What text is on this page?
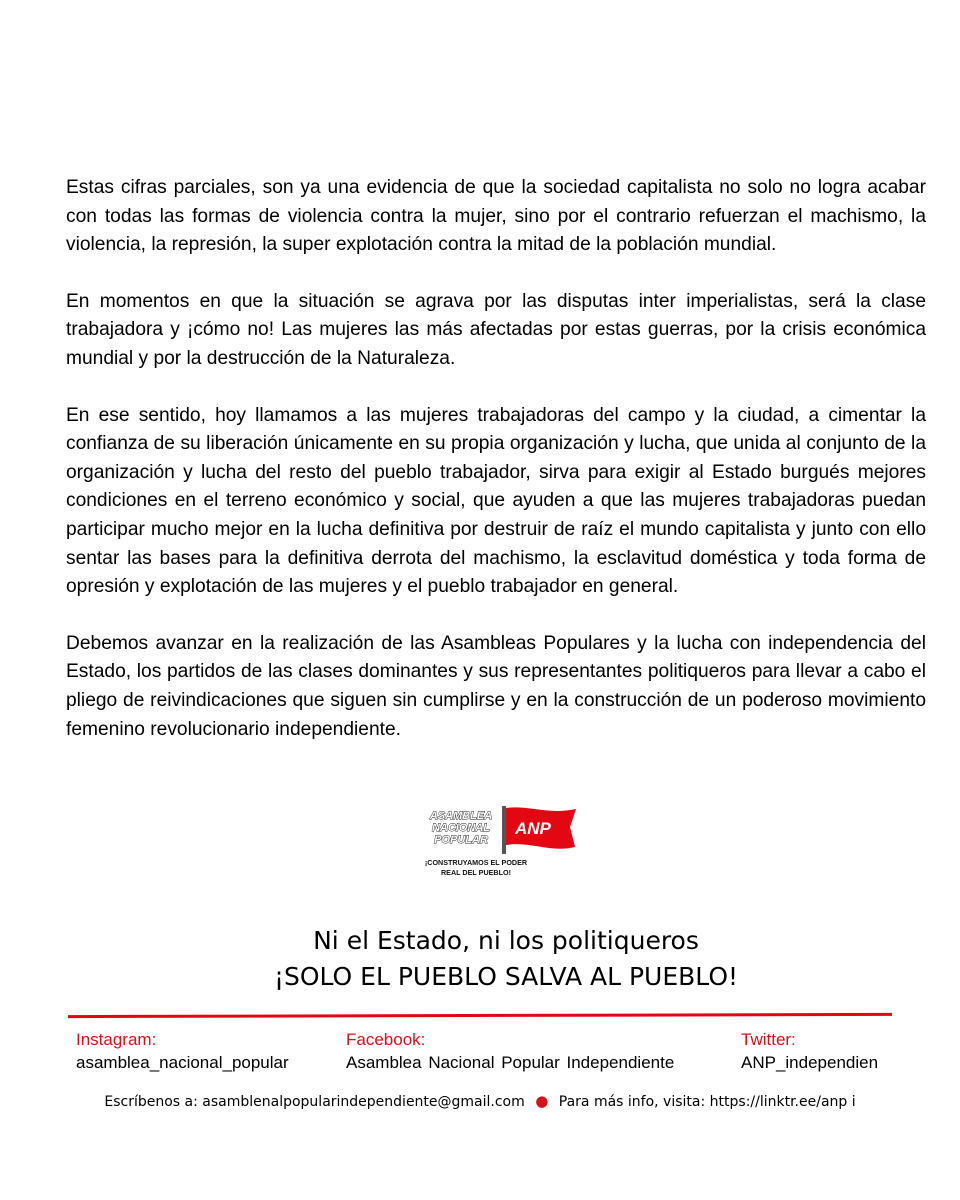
Estas cifras parciales, son ya una evidencia de que la sociedad capitalista no solo no logra acabar con todas las formas de violencia contra la mujer, sino por el contrario refuerzan el machismo, la violencia, la represión, la super explotación contra la mitad de la población mundial.

En momentos en que la situación se agrava por las disputas inter imperialistas, será la clase trabajadora y ¡cómo no! Las mujeres las más afectadas por estas guerras, por la crisis económica mundial y por la destrucción de la Naturaleza.

En ese sentido, hoy llamamos a las mujeres trabajadoras del campo y la ciudad, a cimentar la confianza de su liberación únicamente en su propia organización y lucha, que unida al conjunto de la organización y lucha del resto del pueblo trabajador, sirva para exigir al Estado burgués mejores condiciones en el terreno económico y social, que ayuden a que las mujeres trabajadoras puedan participar mucho mejor en la lucha definitiva por destruir de raíz el mundo capitalista y junto con ello sentar las bases para la definitiva derrota del machismo, la esclavitud doméstica y toda forma de opresión y explotación de las mujeres y el pueblo trabajador en general.

Debemos avanzar en la realización de las Asambleas Populares y la lucha con independencia del Estado, los partidos de las clases dominantes y sus representantes politiqueros para llevar a cabo el pliego de reivindicaciones que siguen sin cumplirse y en la construcción de un poderoso movimiento femenino revolucionario independiente.

ANP
ASAMBLEA
NACIONAL
POPULAR
¡CONSTRUYAMOS EL PODER
REAL DEL PUEBLO!
Ni el Estado, ni los politiqueros
¡SOLO EL PUEBLO SALVA AL PUEBLO!
Instagram:
asamblea_nacional_popular
Facebook:
Asamblea Nacional Popular Independiente
Twitter:
ANP_independien
Escríbenos a: asamblenalpopularindependiente@gmail.com ● Para más info, visita: https://linktr.ee/anp i
